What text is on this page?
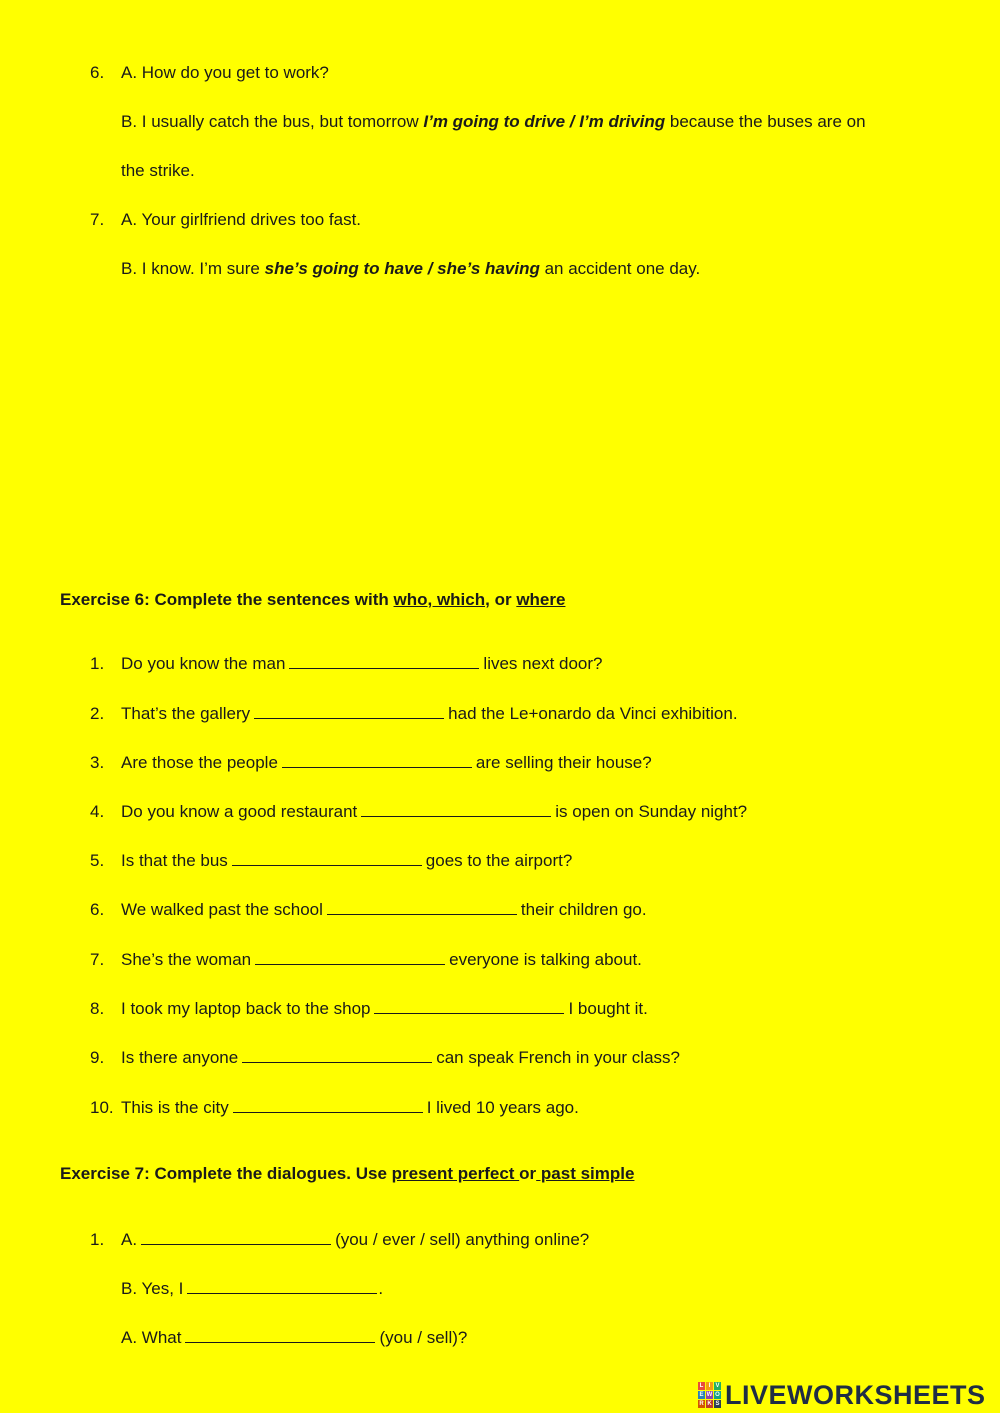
6. A. How do you get to work?
B. I usually catch the bus, but tomorrow I’m going to drive / I’m driving because the buses are on
the strike.
7. A. Your girlfriend drives too fast.
B. I know. I’m sure she’s going to have / she’s having an accident one day.
Exercise 6: Complete the sentences with who, which, or where
1. Do you know the man	lives next door?
2. That’s the gallery	had the Le+onardo da Vinci exhibition.
3. Are those the people	are selling their house?
4. Do you know a good restaurant	is open on Sunday night?
5. Is that the bus	goes to the airport?
6. We walked past the school	their children go.
7. She’s the woman	everyone is talking about.
8. I took my laptop back to the shop	I bought it.
9. Is there anyone	can speak French in your class?
10. This is the city	I lived 10 years ago.
Exercise 7: Complete the dialogues. Use present perfect or past simple
1. A.	(you / ever / sell) anything online?
B. Yes, I	.
A. What	(you / sell)?
L I V
E W O
R K S LIVEWORKSHEETS
